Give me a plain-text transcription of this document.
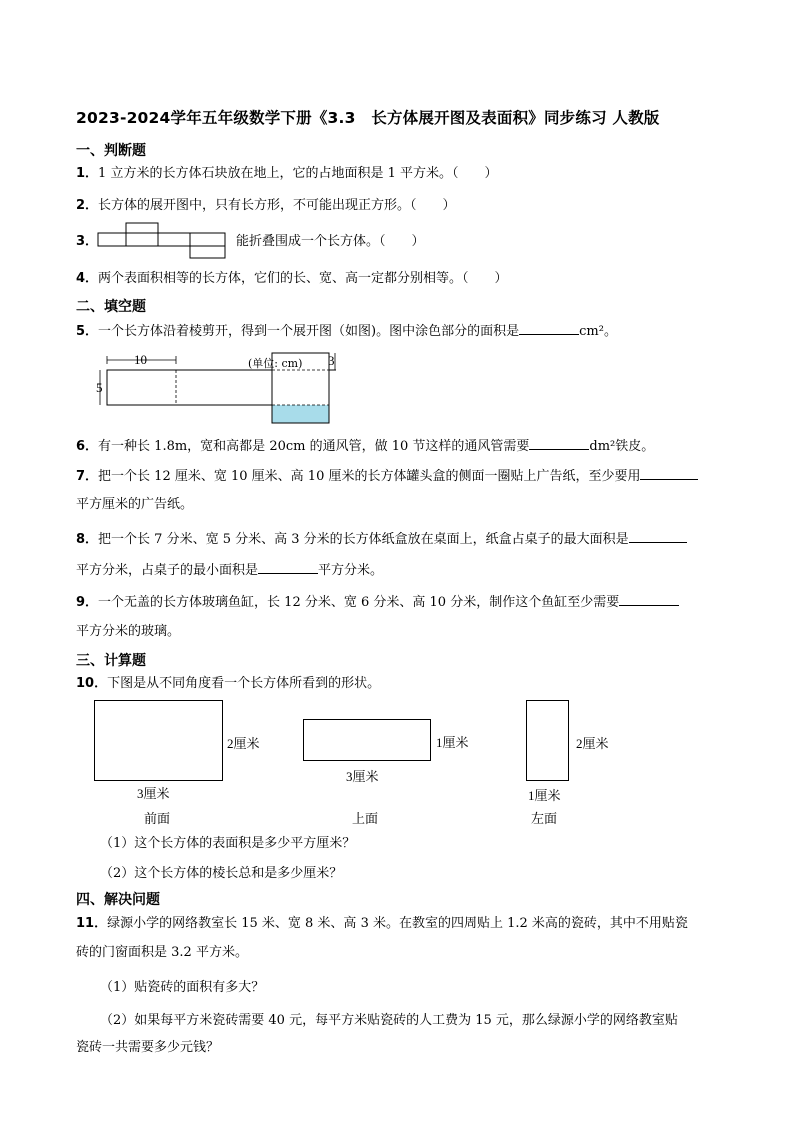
2023-2024学年五年级数学下册《3.3　长方体展开图及表面积》同步练习 人教版
一、判断题
1．1 立方米的长方体石块放在地上，它的占地面积是 1 平方米。（　　）
2．长方体的展开图中，只有长方形，不可能出现正方形。（　　）
3．	能折叠围成一个长方体。（　　）
4．两个表面积相等的长方体，它们的长、宽、高一定都分别相等。（　　）
二、填空题
5．一个长方体沿着棱剪开，得到一个展开图（如图)。图中涂色部分的面积是	cm²。
10
5
3
(单位: cm)
6．有一种长 1.8m，宽和高都是 20cm 的通风管，做 10 节这样的通风管需要	dm²铁皮。
7．把一个长 12 厘米、宽 10 厘米、高 10 厘米的长方体罐头盒的侧面一圈贴上广告纸，至少要用
平方厘米的广告纸。
8．把一个长 7 分米、宽 5 分米、高 3 分米的长方体纸盒放在桌面上，纸盒占桌子的最大面积是
平方分米，占桌子的最小面积是	平方分米。
9．一个无盖的长方体玻璃鱼缸，长 12 分米、宽 6 分米、高 10 分米，制作这个鱼缸至少需要
平方分米的玻璃。
三、计算题
10．下图是从不同角度看一个长方体所看到的形状。
2厘米
3厘米
前面
1厘米
3厘米
上面
2厘米
1厘米
左面
（1）这个长方体的表面积是多少平方厘米？
（2）这个长方体的棱长总和是多少厘米？
四、解决问题
11．绿源小学的网络教室长 15 米、宽 8 米、高 3 米。在教室的四周贴上 1.2 米高的瓷砖，其中不用贴瓷
砖的门窗面积是 3.2 平方米。
（1）贴瓷砖的面积有多大？
（2）如果每平方米瓷砖需要 40 元，每平方米贴瓷砖的人工费为 15 元，那么绿源小学的网络教室贴
瓷砖一共需要多少元钱？
